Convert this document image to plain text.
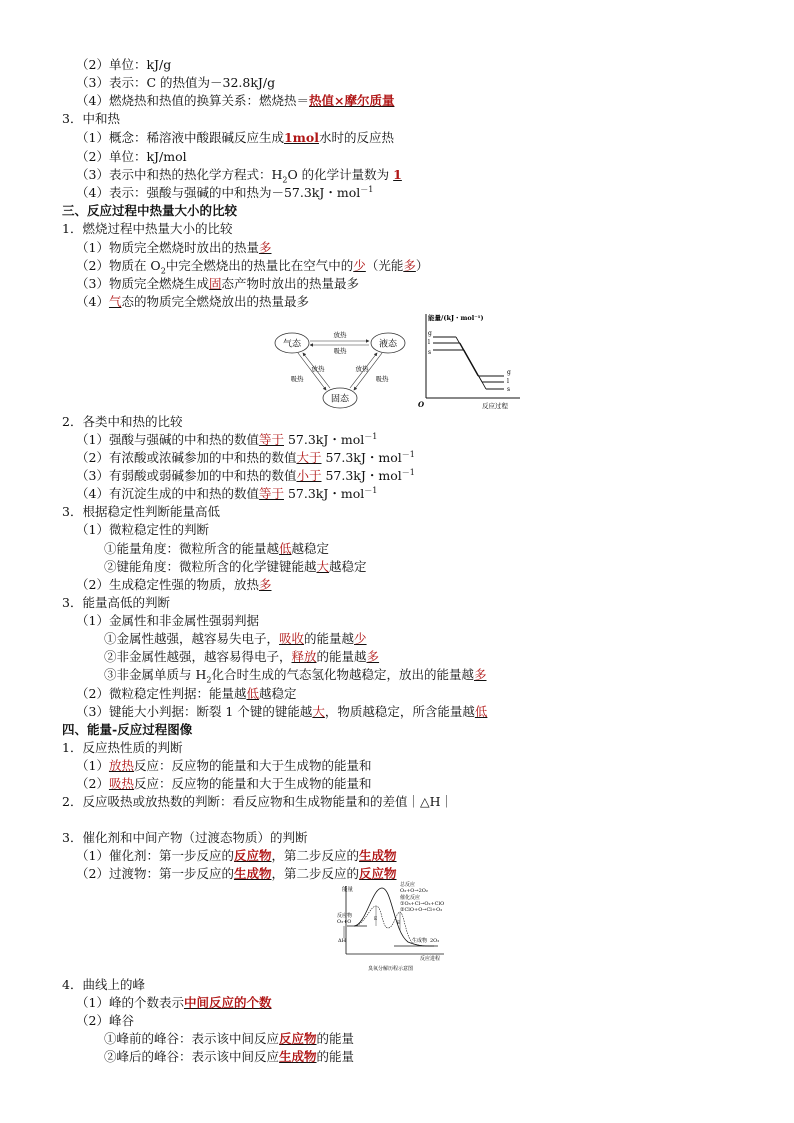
（2）单位：kJ/g
（3）表示：C 的热值为－32.8kJ/g
（4）燃烧热和热值的换算关系：燃烧热＝热值×摩尔质量
3．中和热
（1）概念：稀溶液中酸跟碱反应生成1mol水时的反应热
（2）单位：kJ/mol
（3）表示中和热的热化学方程式：$H_2O$ 的化学计量数为 1
（4）表示：强酸与强碱的中和热为－57.3kJ・mol$^{-1}$
三、反应过程中热量大小的比较
1．燃烧过程中热量大小的比较
（1）物质完全燃烧时放出的热量多
（2）物质在 $O_2$中完全燃烧出的热量比在空气中的少（光能多）
（3）物质完全燃烧生成固态产物时放出的热量最多
（4）气态的物质完全燃烧放出的热量最多
2．各类中和热的比较
（1）强酸与强碱的中和热的数值等于 57.3kJ・mol$^{-1}$
（2）有浓酸或浓碱参加的中和热的数值大于 57.3kJ・mol$^{-1}$
（3）有弱酸或弱碱参加的中和热的数值小于 57.3kJ・mol$^{-1}$
（4）有沉淀生成的中和热的数值等于 57.3kJ・mol$^{-1}$
3．根据稳定性判断能量高低
（1）微粒稳定性的判断
①能量角度：微粒所含的能量越低越稳定
②键能角度：微粒所含的化学键键能越大越稳定
（2）生成稳定性强的物质，放热多
3．能量高低的判断
（1）金属性和非金属性强弱判据
①金属性越强，越容易失电子，吸收的能量越少
②非金属性越强，越容易得电子，释放的能量越多
③非金属单质与 $H_2$化合时生成的气态氢化物越稳定，放出的能量越多
（2）微粒稳定性判据：能量越低越稳定
（3）键能大小判据：断裂 1 个键的键能越大，物质越稳定，所含能量越低
四、能量-反应过程图像
1．反应热性质的判断
（1）放热反应：反应物的能量和大于生成物的能量和
（2）吸热反应：反应物的能量和大于生成物的能量和
2．反应吸热或放热数的判断：看反应物和生成物能量和的差值｜△H｜
3．催化剂和中间产物（过渡态物质）的判断
（1）催化剂：第一步反应的反应物，第二步反应的生成物
（2）过渡物：第一步反应的生成物，第二步反应的反应物
4．曲线上的峰
（1）峰的个数表示中间反应的个数
（2）峰谷
①峰前的峰谷：表示该中间反应反应物的能量
②峰后的峰谷：表示该中间反应生成物的能量
气态	液态
固态
放热
吸热
放热
吸热
放热
吸热
能量/(kJ・mol⁻¹)
O	反应过程
g
l
s
g
l
s
能量
反应物
O₃+O
ΔH
E
E
生成物 2O₂
总反应
O₃+O→2O₂
催化反应
①O₃+Cl→O₂+ClO
②ClO+O→Cl+O₂
反应进程
臭氧分解历程示意图
